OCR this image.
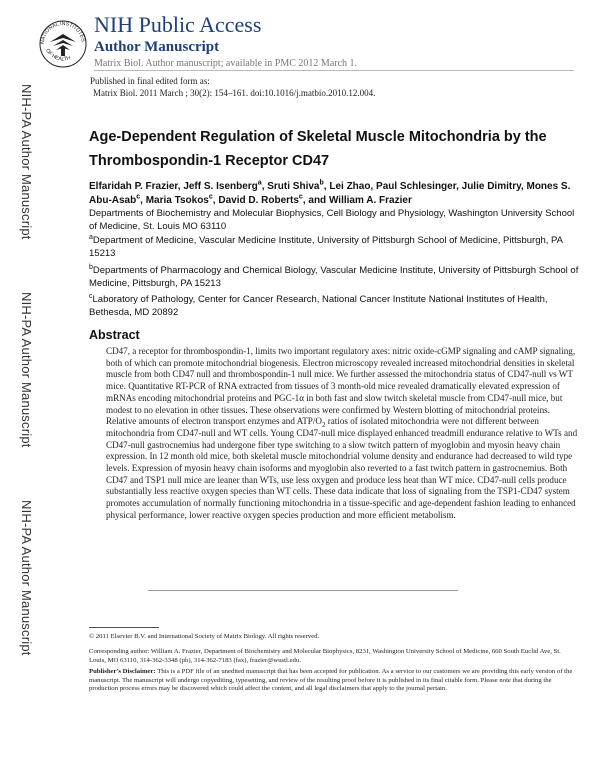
NIH-PA Author Manuscript
NIH-PA Author Manuscript
NIH-PA Author Manuscript
NATIONAL INSTITUTES
OF HEALTH
NIH Public Access
Author Manuscript
Matrix Biol. Author manuscript; available in PMC 2012 March 1.
Published in final edited form as:
Matrix Biol. 2011 March ; 30(2): 154–161. doi:10.1016/j.matbio.2010.12.004.
Age-Dependent Regulation of Skeletal Muscle Mitochondria by the Thrombospondin-1 Receptor CD47
Elfaridah P. Frazier, Jeff S. Isenberg$^a$, Sruti Shiva$^b$, Lei Zhao, Paul Schlesinger, Julie Dimitry, Mones S. Abu-Asab$^c$, Maria Tsokos$^c$, David D. Roberts$^c$, and William A. Frazier
Departments of Biochemistry and Molecular Biophysics, Cell Biology and Physiology, Washington University School of Medicine, St. Louis MO 63110
$^a$Department of Medicine, Vascular Medicine Institute, University of Pittsburgh School of Medicine, Pittsburgh, PA 15213
$^b$Departments of Pharmacology and Chemical Biology, Vascular Medicine Institute, University of Pittsburgh School of Medicine, Pittsburgh, PA 15213
$^c$Laboratory of Pathology, Center for Cancer Research, National Cancer Institute National Institutes of Health, Bethesda, MD 20892
Abstract
CD47, a receptor for thrombospondin-1, limits two important regulatory axes: nitric oxide-cGMP signaling and cAMP signaling, both of which can promote mitochondrial biogenesis. Electron microscopy revealed increased mitochondrial densities in skeletal muscle from both CD47 null and thrombospondin-1 null mice. We further assessed the mitochondria status of CD47-null vs WT mice. Quantitative RT-PCR of RNA extracted from tissues of 3 month-old mice revealed dramatically elevated expression of mRNAs encoding mitochondrial proteins and PGC-1α in both fast and slow twitch skeletal muscle from CD47-null mice, but modest to no elevation in other tissues. These observations were confirmed by Western blotting of mitochondrial proteins. Relative amounts of electron transport enzymes and ATP/$O_2$ ratios of isolated mitochondria were not different between mitochondria from CD47-null and WT cells. Young CD47-null mice displayed enhanced treadmill endurance relative to WTs and CD47-null gastrocnemius had undergone fiber type switching to a slow twitch pattern of myoglobin and myosin heavy chain expression. In 12 month old mice, both skeletal muscle mitochondrial volume density and endurance had decreased to wild type levels. Expression of myosin heavy chain isoforms and myoglobin also reverted to a fast twitch pattern in gastrocnemius. Both CD47 and TSP1 null mice are leaner than WTs, use less oxygen and produce less heat than WT mice. CD47-null cells produce substantially less reactive oxygen species than WT cells. These data indicate that loss of signaling from the TSP1-CD47 system promotes accumulation of normally functioning mitochondria in a tissue-specific and age-dependent fashion leading to enhanced physical performance, lower reactive oxygen species production and more efficient metabolism.
© 2011 Elsevier B.V. and International Society of Matrix Biology. All rights reserved.
Corresponding author: William A. Frazier, Department of Biochemistry and Molecular Biophysics, 8231, Washington University School of Medicine, 660 South Euclid Ave, St. Louis, MO 63110, 314-362-3348 (ph), 314-362-7183 (fax), frazier@wustl.edu.
Publisher's Disclaimer: This is a PDF file of an unedited manuscript that has been accepted for publication. As a service to our customers we are providing this early version of the manuscript. The manuscript will undergo copyediting, typesetting, and review of the resulting proof before it is published in its final citable form. Please note that during the production process errors may be discovered which could affect the content, and all legal disclaimers that apply to the journal pertain.
